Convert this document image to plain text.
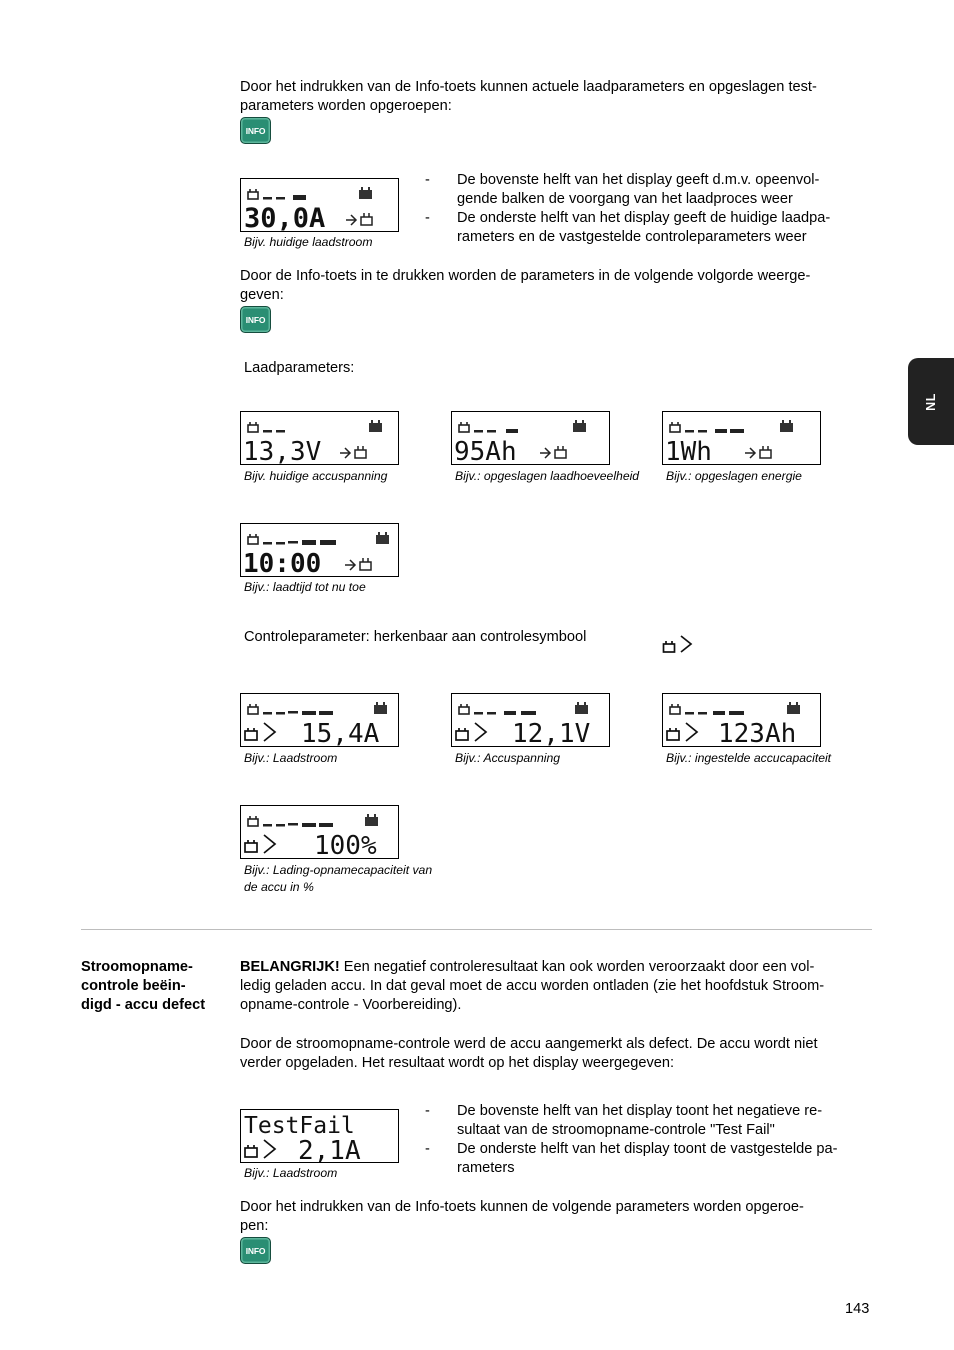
NL
Door het indrukken van de Info-toets kunnen actuele laadparameters en opgeslagen test-
parameters worden opgeroepen:
INFO
30,0A
Bijv. huidige laadstroom
- De bovenste helft van het display geeft d.m.v. opeenvol-
gende balken de voorgang van het laadproces weer
- De onderste helft van het display geeft de huidige laadpa-
rameters en de vastgestelde controleparameters weer
Door de Info-toets in te drukken worden de parameters in de volgende volgorde weerge-
geven:
INFO
Laadparameters:
13,3V
Bijv. huidige accuspanning
95Ah
Bijv.: opgeslagen laadhoeveelheid
1Wh
Bijv.: opgeslagen energie
10:00
Bijv.: laadtijd tot nu toe
Controleparameter: herkenbaar aan controlesymbool
15,4A
Bijv.: Laadstroom
12,1V
Bijv.: Accuspanning
123Ah
Bijv.: ingestelde accucapaciteit
100%
Bijv.: Lading-opnamecapaciteit van
de accu in %
Stroomopname-
controle beëin-
digd - accu defect
BELANGRIJK! Een negatief controleresultaat kan ook worden veroorzaakt door een vol-
ledig geladen accu. In dat geval moet de accu worden ontladen (zie het hoofdstuk Stroom-
opname-controle - Voorbereiding).
Door de stroomopname-controle werd de accu aangemerkt als defect. De accu wordt niet
verder opgeladen. Het resultaat wordt op het display weergegeven:
TestFail
2,1A
Bijv.: Laadstroom
- De bovenste helft van het display toont het negatieve re-
sultaat van de stroomopname-controle "Test Fail"
- De onderste helft van het display toont de vastgestelde pa-
rameters
Door het indrukken van de Info-toets kunnen de volgende parameters worden opgeroe-
pen:
INFO
143
